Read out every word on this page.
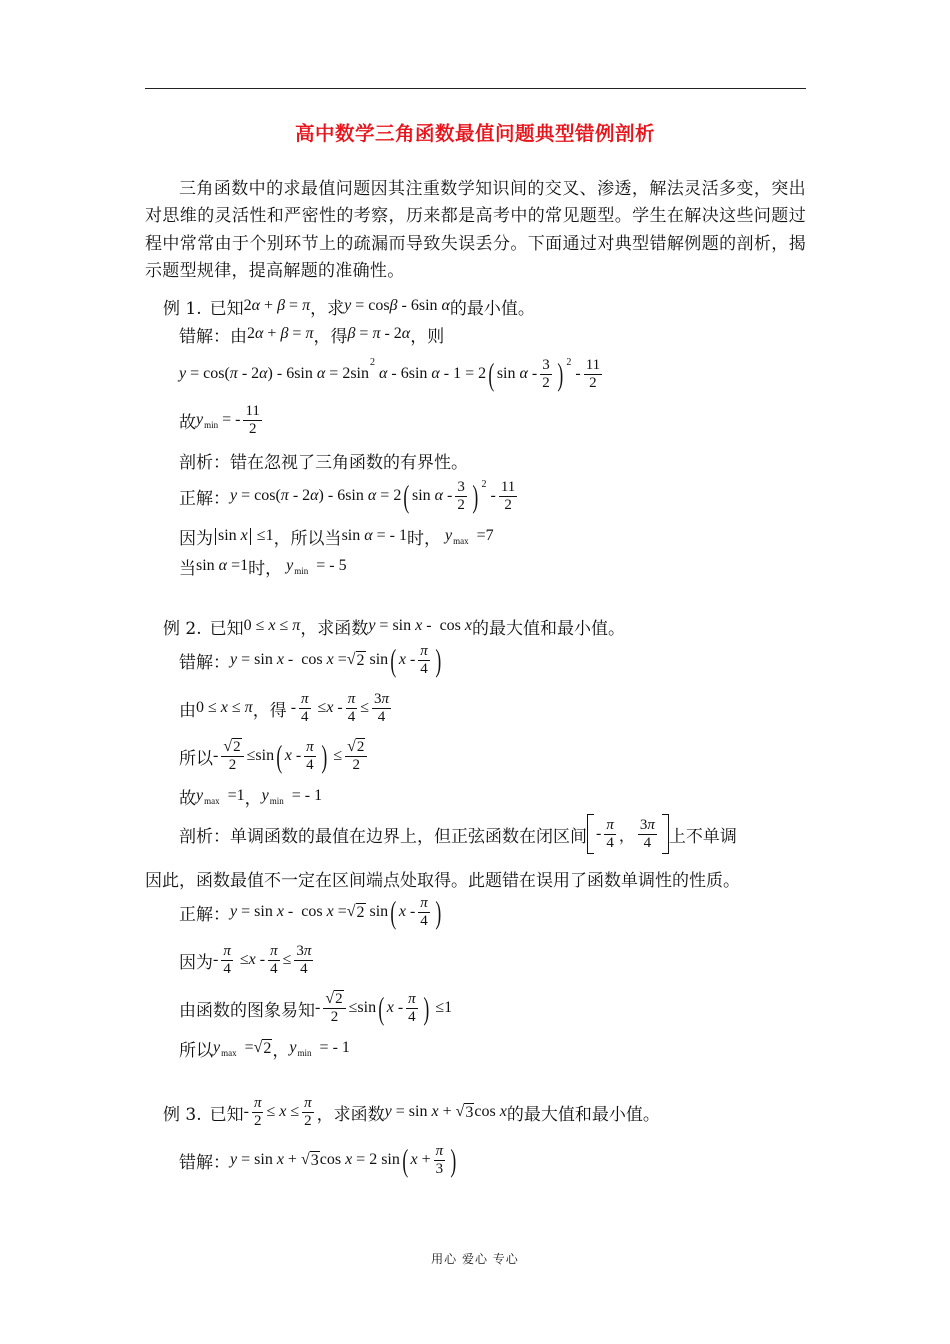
高中数学三角函数最值问题典型错例剖析
三角函数中的求最值问题因其注重数学知识间的交叉、渗透，解法灵活多变，突出对思维的灵活性和严密性的考察，历来都是高考中的常见题型。学生在解决这些问题过程中常常由于个别环节上的疏漏而导致失误丢分。下面通过对典型错解例题的剖析，揭示题型规律，提高解题的准确性。
例 1. 已知 2 α
+
β
=
π ，求 y
=
cos β
-
6 sin
α 的最小值。
错解：由 2 α
+
β
=
π ，得 β
=
π
-
2 α ，则
y
=
cos ( π
-
2 α )
-
6 sin
α
=
2 sin
2

α
-
6 sin
α
-
1
=
2 ( sin
α
-
3
2 ) 2

-
11
2
故 y min
=
-
11
2
剖析：错在忽视了三角函数的有界性。
正解： y
=
cos ( π
-
2 α )
-
6 sin
α
=
2 ( sin
α
-
3
2 ) 2

-
11
2
因为 sin
x
≤ 1 ，所以当 sin
α
=
-
1 时，
y max
= 7
当 sin
α
= 1 时，
y min
=
-
5
例 2. 已知 0
≤
x
≤
π ，求函数 y
=
sin
x
-
cos
x 的最大值和最小值。
错解： y
=
sin
x
-
cos
x
= √ 2
sin ( x
-
π
4 )
由 0
≤
x
≤
π ，得
- $\frac{\pi}{4}$
≤ x
- $\frac{\pi}{4} \le \frac{3\pi}{4}$
所以 - $\frac{√ 2}{2} \le \sin$ ( x
-
π
4 )
≤ $\frac{√ 2}{2}$
故 y max
= 1 ， y min
=
-
1
剖析：单调函数的最值在边界上，但正弦函数在闭区间 -
π
4 ，
3π
4 上不单调
因此，函数最值不一定在区间端点处取得。此题错在误用了函数单调性的性质。
正解： y
=
sin
x
-
cos
x
= √ 2
sin ( x
-
π
4 )
因为 - $\frac{\pi}{4}$
≤ x
- $\frac{\pi}{4} \le \frac{3\pi}{4}$
由函数的图象易知 - $\frac{√ 2}{2} \le \sin$ ( x
-
π
4 )
≤ 1
所以 y max
= √ 2 ， y min
=
-
1
例 3. 已知 - $\frac{\pi}{2}$ ≤
x
≤ $\frac{\pi}{2}$ ，求函数 y
=
sin
x
+
√ 3 cos
x 的最大值和最小值。
错解： y
=
sin
x
+
√ 3 cos
x
=
2
sin ( x
+ $\frac{\pi}{3}$ )
用心 爱心 专心
